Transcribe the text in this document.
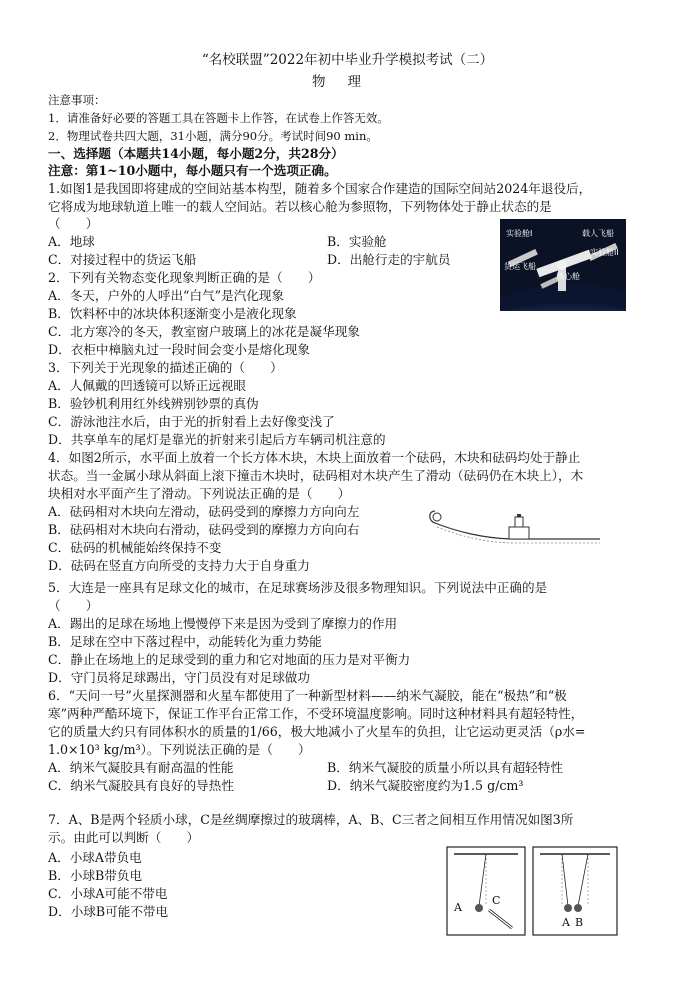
“名校联盟”2022年初中毕业升学模拟考试（二）
物理
注意事项：
1．请准备好必要的答题工具在答题卡上作答，在试卷上作答无效。
2．物理试卷共四大题，31小题，满分90分。考试时间90 min。
一、选择题（本题共14小题，每小题2分，共28分）
注意：第1~10小题中，每小题只有一个选项正确。
1.如图1是我国即将建成的空间站基本构型，随着多个国家合作建造的国际空间站2024年退役后，
它将成为地球轨道上唯一的载人空间站。若以核心舱为参照物，下列物体处于静止状态的是
（　　）
A．地球	B．实验舱
C．对接过程中的货运飞船	D．出舱行走的宇航员
实验舱I	载人飞船
货运飞船
实验舱II
核心舱
2．下列有关物态变化现象判断正确的是（　　）
A．冬天，户外的人呼出“白气”是汽化现象
B．饮料杯中的冰块体积逐渐变小是液化现象
C．北方寒冷的冬天，教室窗户玻璃上的冰花是凝华现象
D．衣柜中樟脑丸过一段时间会变小是熔化现象
3．下列关于光现象的描述正确的（　　）
A．人佩戴的凹透镜可以矫正远视眼
B．验钞机利用红外线辨别钞票的真伪
C．游泳池注水后，由于光的折射看上去好像变浅了
D．共享单车的尾灯是靠光的折射来引起后方车辆司机注意的
4．如图2所示，水平面上放着一个长方体木块，木块上面放着一个砝码，木块和砝码均处于静止
状态。当一金属小球从斜面上滚下撞击木块时，砝码相对木块产生了滑动（砝码仍在木块上），木
块相对水平面产生了滑动。下列说法正确的是（　　）
A．砝码相对木块向左滑动，砝码受到的摩擦力方向向左
B．砝码相对木块向右滑动，砝码受到的摩擦力方向向右
C．砝码的机械能始终保持不变
D．砝码在竖直方向所受的支持力大于自身重力
5．大连是一座具有足球文化的城市，在足球赛场涉及很多物理知识。下列说法中正确的是
（　　）
A．踢出的足球在场地上慢慢停下来是因为受到了摩擦力的作用
B．足球在空中下落过程中，动能转化为重力势能
C．静止在场地上的足球受到的重力和它对地面的压力是对平衡力
D．守门员将足球踢出，守门员没有对足球做功
6．“天问一号”火星探测器和火星车都使用了一种新型材料——纳米气凝胶，能在“极热”和“极
寒”两种严酷环境下，保证工作平台正常工作，不受环境温度影响。同时这种材料具有超轻特性，
它的质量大约只有同体积水的质量的1/66，极大地减小了火星车的负担，让它运动更灵活（ρ水=
1.0×10³ kg/m³）。下列说法正确的是（　　）
A．纳米气凝胶具有耐高温的性能	B．纳米气凝胶的质量小所以具有超轻特性
C．纳米气凝胶具有良好的导热性	D．纳米气凝胶密度约为1.5 g/cm³
7．A、B是两个轻质小球，C是丝绸摩擦过的玻璃棒，A、B、C三者之间相互作用情况如图3所
示。由此可以判断（　　）
A．小球A带负电
B．小球B带负电
C．小球A可能不带电
D．小球B可能不带电	A
C
A B
